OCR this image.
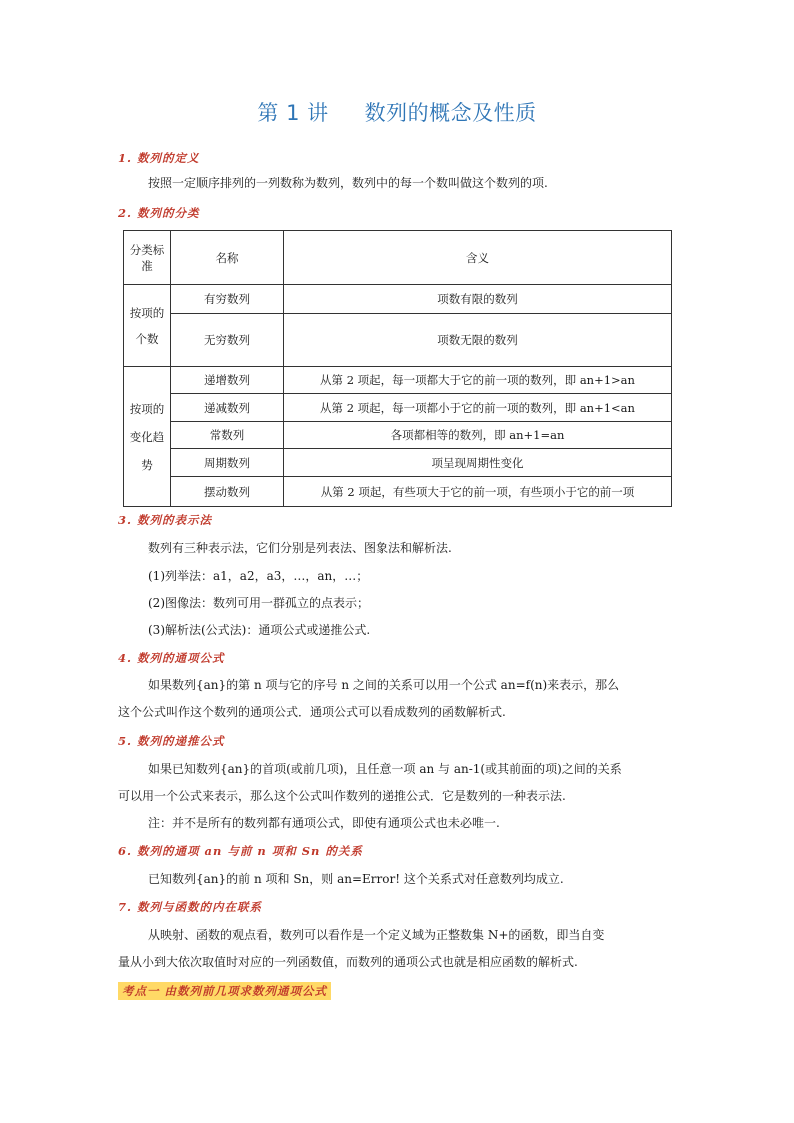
第 1 讲 数列的概念及性质
1. 数列的定义
按照一定顺序排列的一列数称为数列，数列中的每一个数叫做这个数列的项.
2. 数列的分类
分类标准	名称	含义
按项的个数	有穷数列	项数有限的数列
	无穷数列	项数无限的数列
按项的变化趋势	递增数列	从第 2 项起，每一项都大于它的前一项的数列，即 an+1>an
	递减数列	从第 2 项起，每一项都小于它的前一项的数列，即 an+1<an
	常数列	各项都相等的数列，即 an+1=an
	周期数列	项呈现周期性变化
	摆动数列	从第 2 项起，有些项大于它的前一项，有些项小于它的前一项
3. 数列的表示法
数列有三种表示法，它们分别是列表法、图象法和解析法.
(1)列举法：a1，a2，a3，…，an，…；
(2)图像法：数列可用一群孤立的点表示；
(3)解析法(公式法)：通项公式或递推公式.
4. 数列的通项公式
如果数列{an}的第 n 项与它的序号 n 之间的关系可以用一个公式 an=f(n)来表示，那么
这个公式叫作这个数列的通项公式．通项公式可以看成数列的函数解析式.
5. 数列的递推公式
如果已知数列{an}的首项(或前几项)，且任意一项 an 与 an-1(或其前面的项)之间的关系
可以用一个公式来表示，那么这个公式叫作数列的递推公式．它是数列的一种表示法.
注：并不是所有的数列都有通项公式，即使有通项公式也未必唯一.
6. 数列的通项 an 与前 n 项和 Sn 的关系
已知数列{an}的前 n 项和 Sn，则 an=Error! 这个关系式对任意数列均成立.
7. 数列与函数的内在联系
从映射、函数的观点看，数列可以看作是一个定义域为正整数集 N+的函数，即当自变
量从小到大依次取值时对应的一列函数值，而数列的通项公式也就是相应函数的解析式.
考点一 由数列前几项求数列通项公式
